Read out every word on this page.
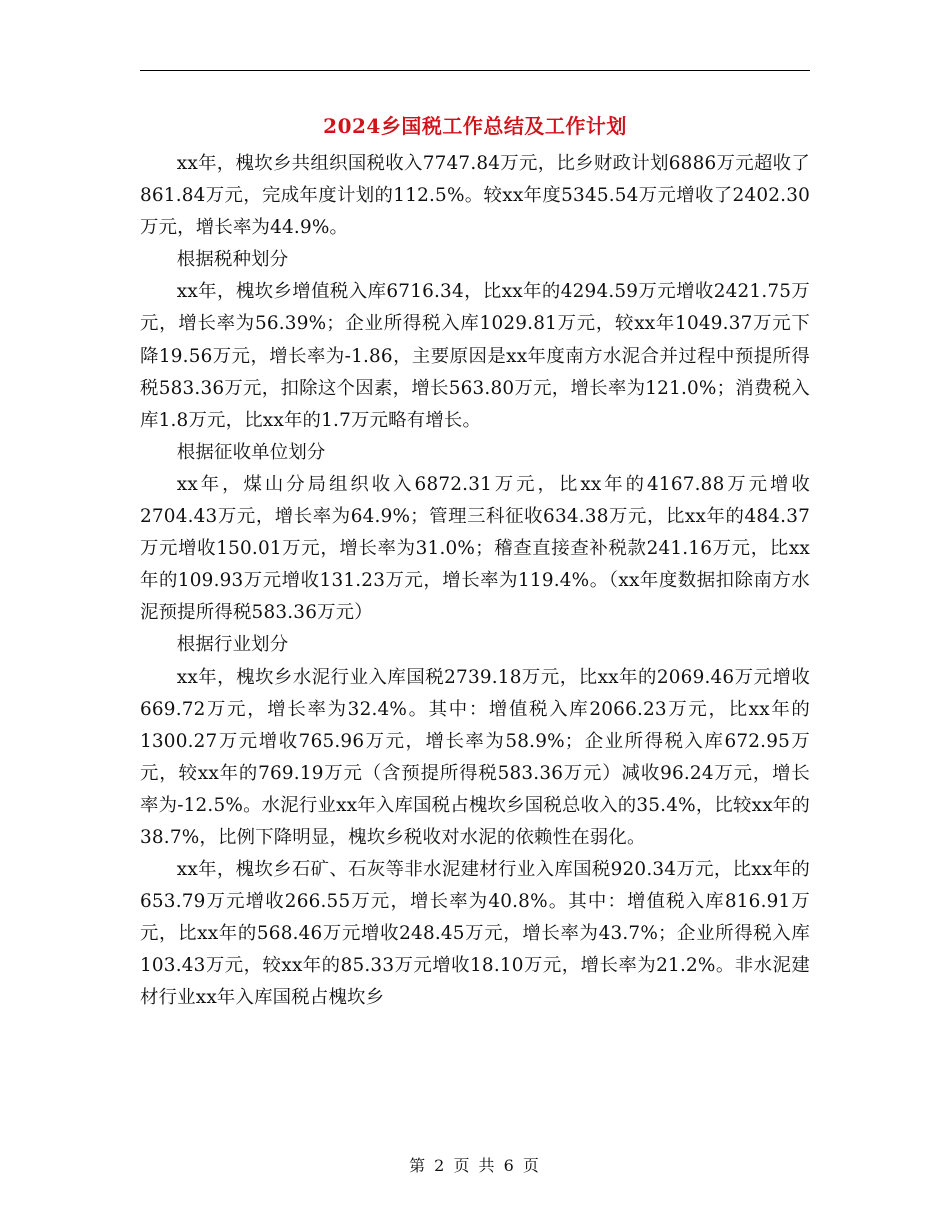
2024乡国税工作总结及工作计划

xx年，槐坎乡共组织国税收入7747.84万元，比乡财政计划6886万元超收了861.84万元，完成年度计划的112.5%。较xx年度5345.54万元增收了2402.30万元，增长率为44.9%。

根据税种划分

xx年，槐坎乡增值税入库6716.34，比xx年的4294.59万元增收2421.75万元，增长率为56.39%；企业所得税入库1029.81万元，较xx年1049.37万元下降19.56万元，增长率为-1.86，主要原因是xx年度南方水泥合并过程中预提所得税583.36万元，扣除这个因素，增长563.80万元，增长率为121.0%；消费税入库1.8万元，比xx年的1.7万元略有增长。

根据征收单位划分

xx年，煤山分局组织收入6872.31万元，比xx年的4167.88万元增收2704.43万元，增长率为64.9%；管理三科征收634.38万元，比xx年的484.37万元增收150.01万元，增长率为31.0%；稽查直接查补税款241.16万元，比xx年的109.93万元增收131.23万元，增长率为119.4%。（xx年度数据扣除南方水泥预提所得税583.36万元）

根据行业划分

xx年，槐坎乡水泥行业入库国税2739.18万元，比xx年的2069.46万元增收669.72万元，增长率为32.4%。其中：增值税入库2066.23万元，比xx年的1300.27万元增收765.96万元，增长率为58.9%；企业所得税入库672.95万元，较xx年的769.19万元（含预提所得税583.36万元）减收96.24万元，增长率为-12.5%。水泥行业xx年入库国税占槐坎乡国税总收入的35.4%，比较xx年的38.7%，比例下降明显，槐坎乡税收对水泥的依赖性在弱化。

xx年，槐坎乡石矿、石灰等非水泥建材行业入库国税920.34万元，比xx年的653.79万元增收266.55万元，增长率为40.8%。其中：增值税入库816.91万元，比xx年的568.46万元增收248.45万元，增长率为43.7%；企业所得税入库103.43万元，较xx年的85.33万元增收18.10万元，增长率为21.2%。非水泥建材行业xx年入库国税占槐坎乡

第 2 页 共 6 页
